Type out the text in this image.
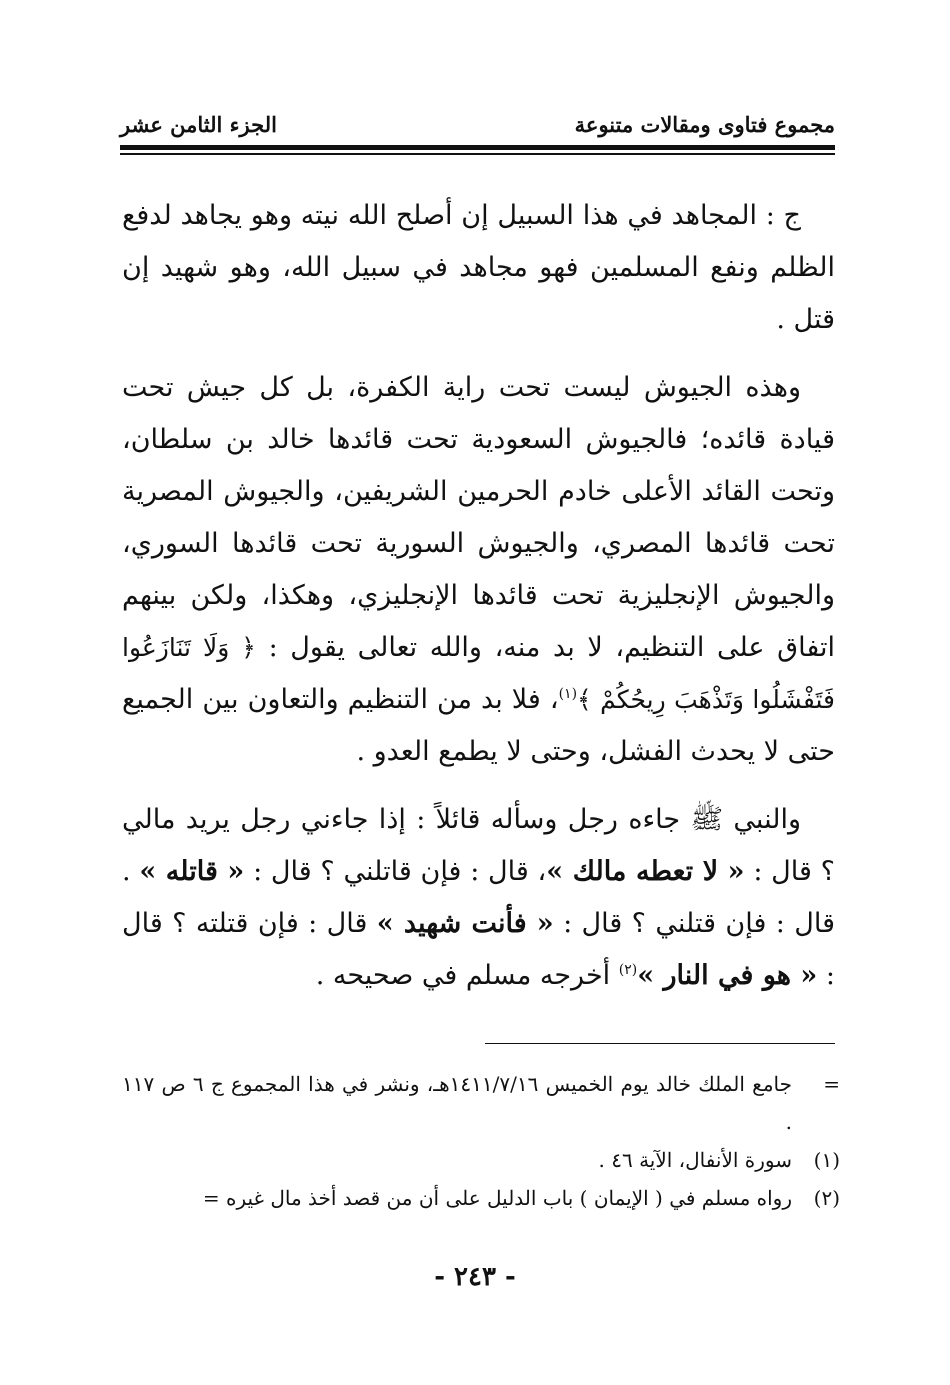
مجموع فتاوى ومقالات متنوعة
الجزء الثامن عشر

ج : المجاهد في هذا السبيل إن أصلح الله نيته وهو يجاهد لدفع الظلم ونفع المسلمين فهو مجاهد في سبيل الله، وهو شهيد إن قتل .

وهذه الجيوش ليست تحت راية الكفرة، بل كل جيش تحت قيادة قائده؛ فالجيوش السعودية تحت قائدها خالد بن سلطان، وتحت القائد الأعلى خادم الحرمين الشريفين، والجيوش المصرية تحت قائدها المصري، والجيوش السورية تحت قائدها السوري، والجيوش الإنجليزية تحت قائدها الإنجليزي، وهكذا، ولكن بينهم اتفاق على التنظيم، لا بد منه، والله تعالى يقول : ﴿ وَلَا تَنَازَعُوا فَتَفْشَلُوا وَتَذْهَبَ رِيحُكُمْ ﴾$^{(١)}$، فلا بد من التنظيم والتعاون بين الجميع حتى لا يحدث الفشل، وحتى لا يطمع العدو .

والنبي ﷺ جاءه رجل وسأله قائلاً : إذا جاءني رجل يريد مالي ؟ قال : « لا تعطه مالك »، قال : فإن قاتلني ؟ قال : « قاتله » . قال : فإن قتلني ؟ قال : « فأنت شهيد » قال : فإن قتلته ؟ قال : « هو في النار »$^{(٢)}$ أخرجه مسلم في صحيحه .

=
جامع الملك خالد يوم الخميس ١٤١١/٧/١٦هـ، ونشر في هذا المجموع ج ٦ ص ١١٧ .

(١)
سورة الأنفال، الآية ٤٦ .

(٢)
رواه مسلم في ( الإيمان ) باب الدليل على أن من قصد أخذ مال غيره =

- ٢٤٣ -
